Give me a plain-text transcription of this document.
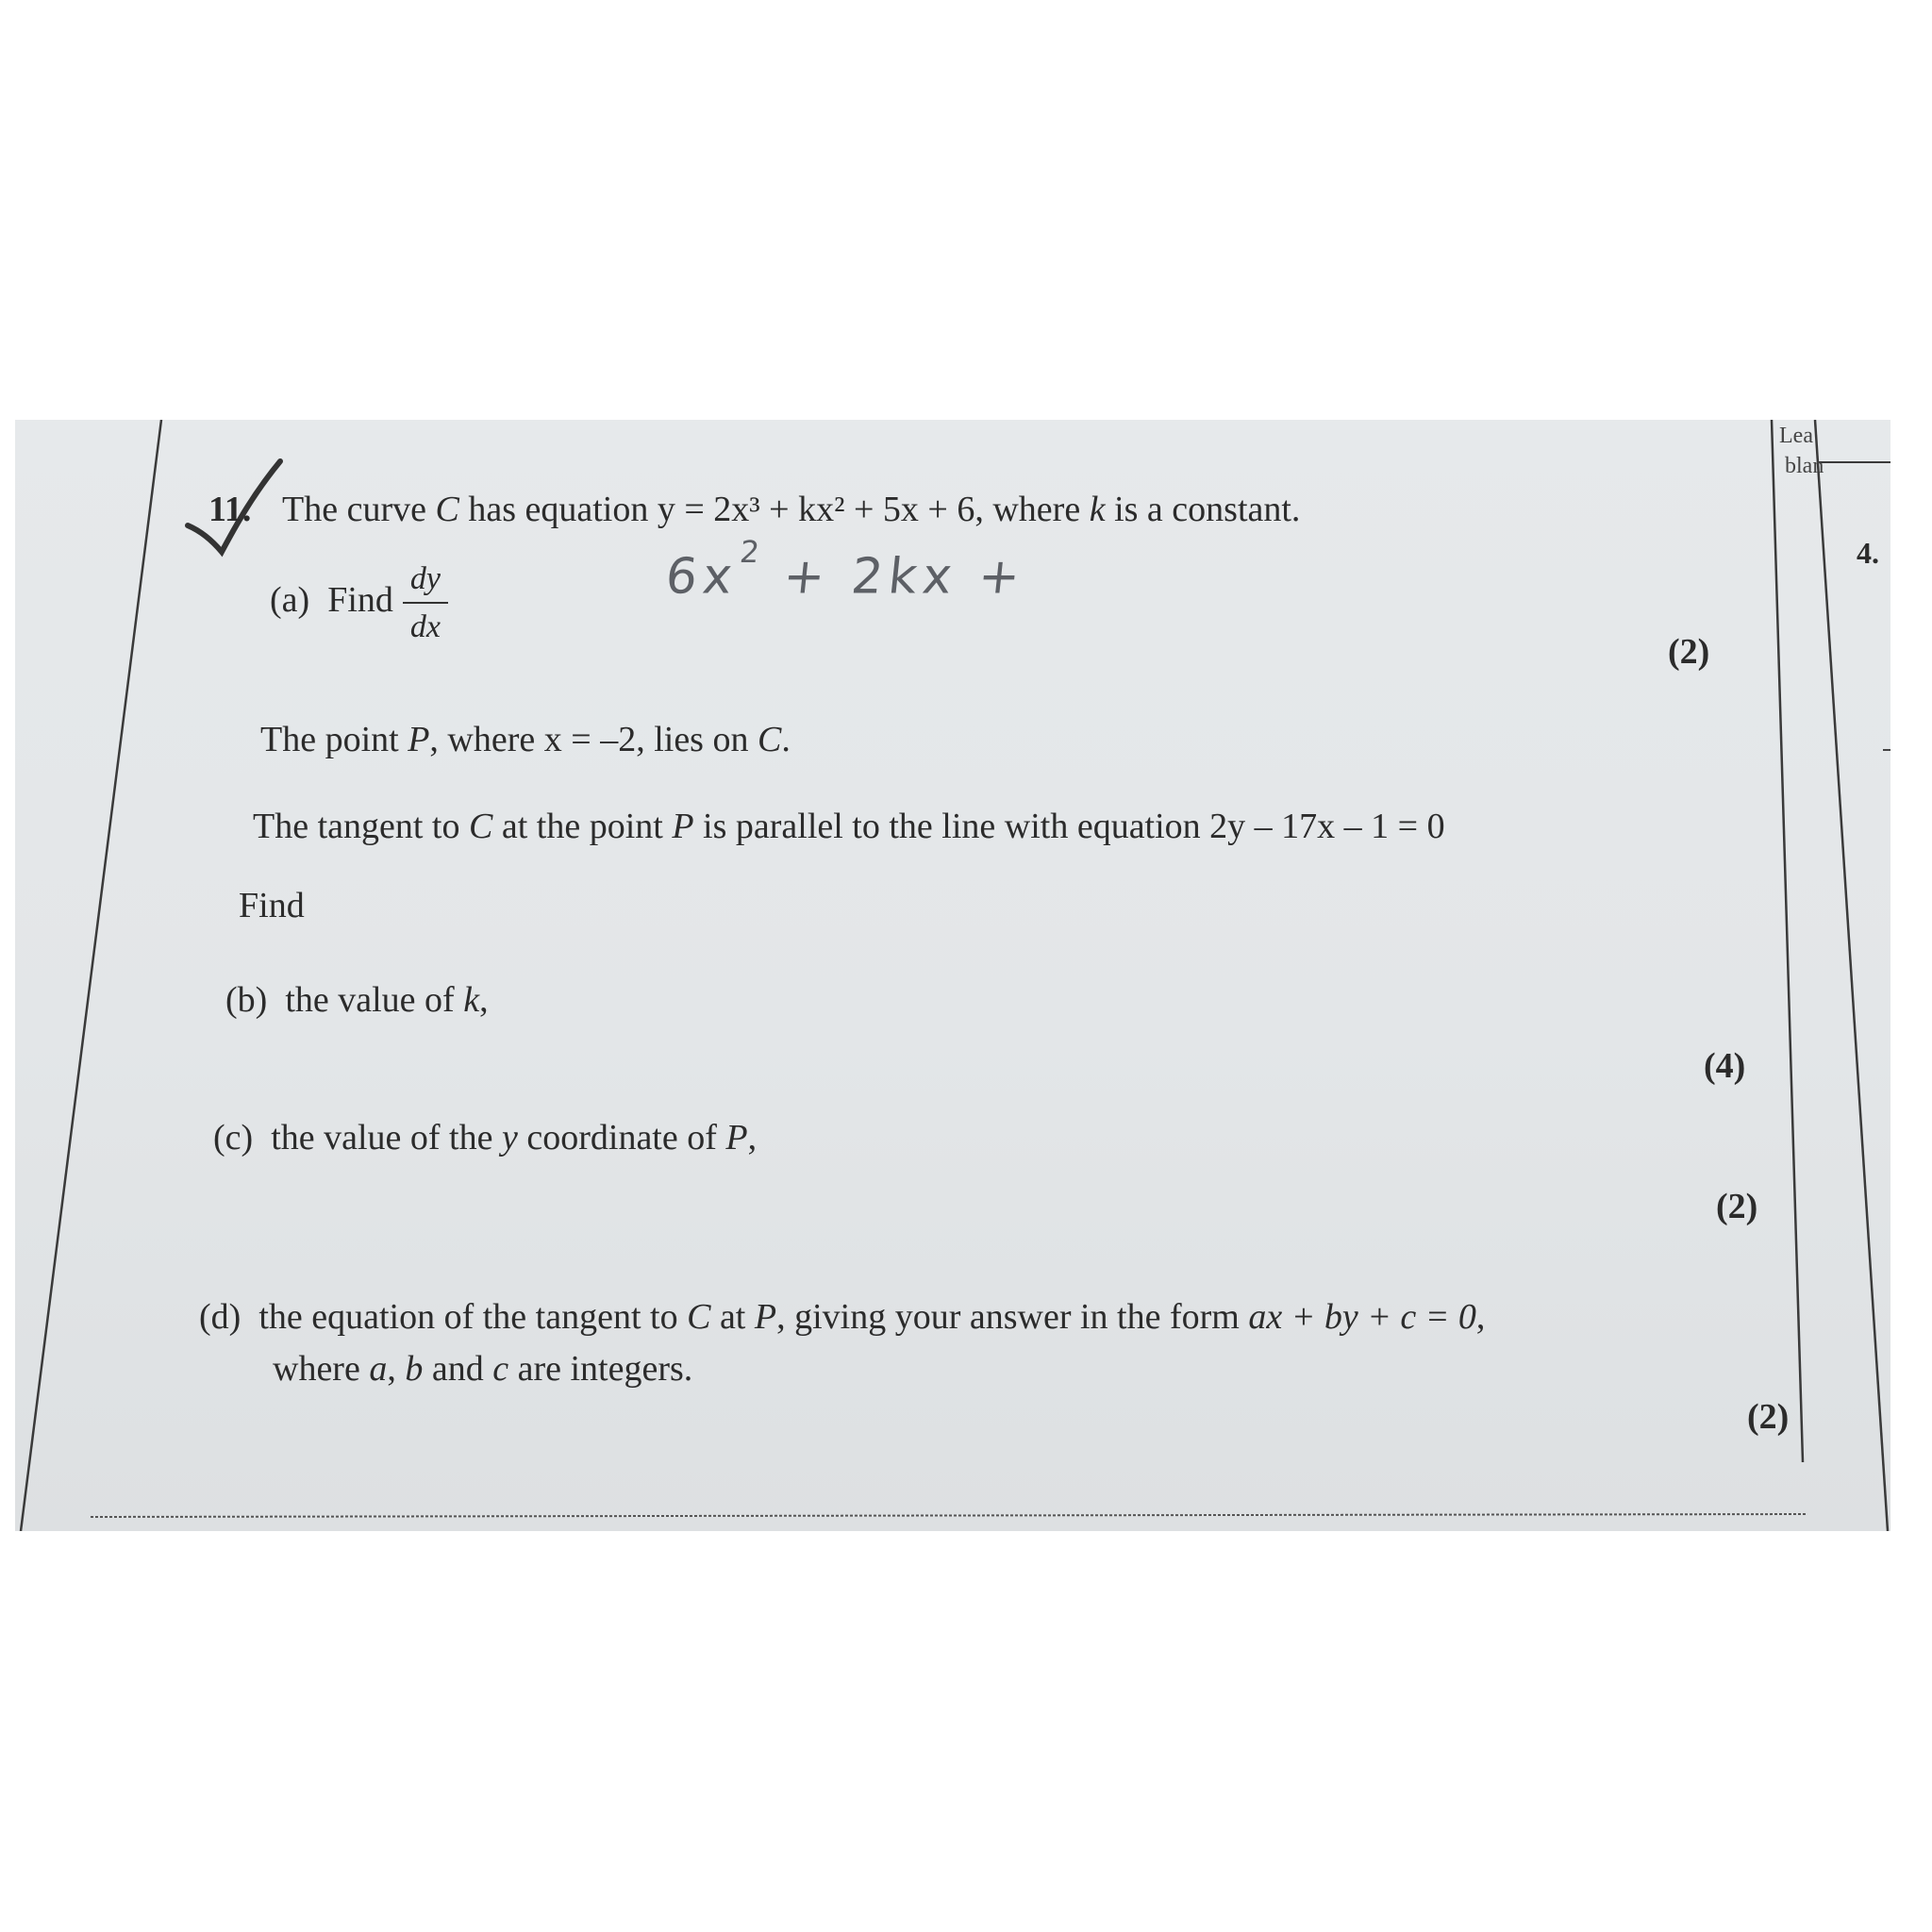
11. The curve C has equation y = 2x³ + kx² + 5x + 6, where k is a constant.
(a) Find $\frac{dy}{dx}$	$6x^2 + 2kx$ +
(2)
The point P, where x = –2, lies on C.
The tangent to C at the point P is parallel to the line with equation 2y – 17x – 1 = 0
Find
(b) the value of k,
(4)
(c) the value of the y coordinate of P,
(2)
(d) the equation of the tangent to C at P, giving your answer in the form ax + by + c = 0,
where a, b and c are integers.
(2)
Lea
blan
4.
